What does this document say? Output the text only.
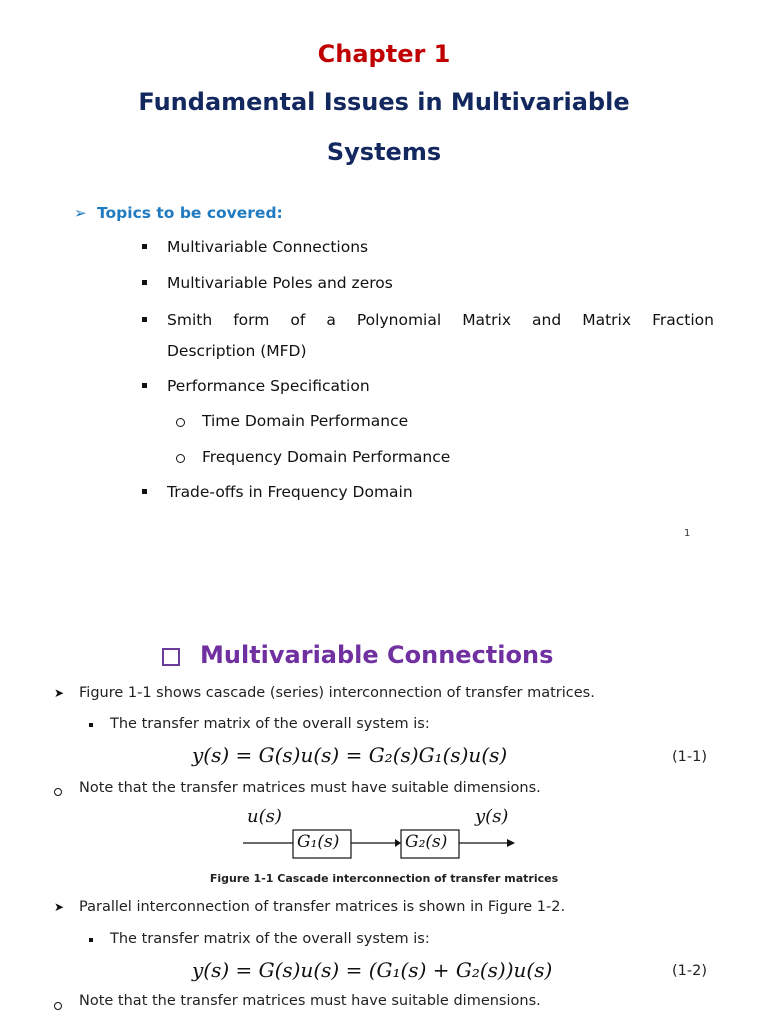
Chapter 1
Fundamental Issues in Multivariable
Systems
➢ Topics to be covered:
Multivariable Connections
Multivariable Poles and zeros
Smith form of a Polynomial Matrix and Matrix Fraction
Description (MFD)
Performance Specification
Time Domain Performance
Frequency Domain Performance
Trade-offs in Frequency Domain
1
Multivariable Connections
➤ Figure 1-1 shows cascade (series) interconnection of transfer matrices.
The transfer matrix of the overall system is:
y(s) = G(s)u(s) = G₂(s)G₁(s)u(s)	(1-1)
Note that the transfer matrices must have suitable dimensions.
u(s)
G₁(s)	G₂(s)
y(s)
Figure 1-1 Cascade interconnection of transfer matrices
➤ Parallel interconnection of transfer matrices is shown in Figure 1-2.
The transfer matrix of the overall system is:
y(s) = G(s)u(s) = (G₁(s) + G₂(s))u(s)	(1-2)
Note that the transfer matrices must have suitable dimensions.
